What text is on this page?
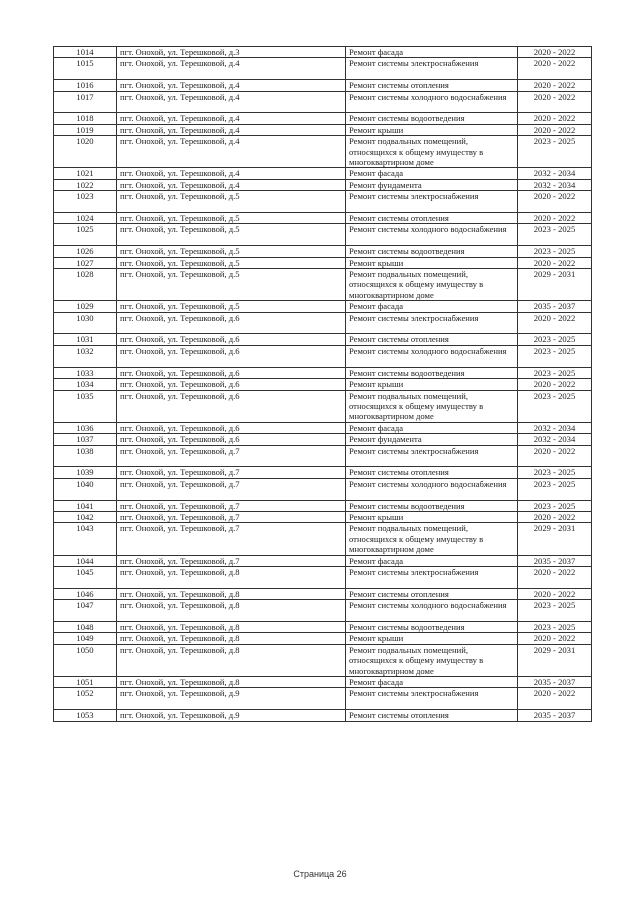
1014	пгт. Онохой, ул. Терешковой, д.3	Ремонт фасада	2020 - 2022
1015	пгт. Онохой, ул. Терешковой, д.4	Ремонт системы электроснабжения	2020 - 2022
1016	пгт. Онохой, ул. Терешковой, д.4	Ремонт системы отопления	2020 - 2022
1017	пгт. Онохой, ул. Терешковой, д.4	Ремонт системы холодного водоснабжения	2020 - 2022
1018	пгт. Онохой, ул. Терешковой, д.4	Ремонт системы водоотведения	2020 - 2022
1019	пгт. Онохой, ул. Терешковой, д.4	Ремонт крыши	2020 - 2022
1020	пгт. Онохой, ул. Терешковой, д.4	Ремонт подвальных помещений, относящихся к общему имуществу в многоквартирном доме	2023 - 2025
1021	пгт. Онохой, ул. Терешковой, д.4	Ремонт фасада	2032 - 2034
1022	пгт. Онохой, ул. Терешковой, д.4	Ремонт фундамента	2032 - 2034
1023	пгт. Онохой, ул. Терешковой, д.5	Ремонт системы электроснабжения	2020 - 2022
1024	пгт. Онохой, ул. Терешковой, д.5	Ремонт системы отопления	2020 - 2022
1025	пгт. Онохой, ул. Терешковой, д.5	Ремонт системы холодного водоснабжения	2023 - 2025
1026	пгт. Онохой, ул. Терешковой, д.5	Ремонт системы водоотведения	2023 - 2025
1027	пгт. Онохой, ул. Терешковой, д.5	Ремонт крыши	2020 - 2022
1028	пгт. Онохой, ул. Терешковой, д.5	Ремонт подвальных помещений, относящихся к общему имуществу в многоквартирном доме	2029 - 2031
1029	пгт. Онохой, ул. Терешковой, д.5	Ремонт фасада	2035 - 2037
1030	пгт. Онохой, ул. Терешковой, д.6	Ремонт системы электроснабжения	2020 - 2022
1031	пгт. Онохой, ул. Терешковой, д.6	Ремонт системы отопления	2023 - 2025
1032	пгт. Онохой, ул. Терешковой, д.6	Ремонт системы холодного водоснабжения	2023 - 2025
1033	пгт. Онохой, ул. Терешковой, д.6	Ремонт системы водоотведения	2023 - 2025
1034	пгт. Онохой, ул. Терешковой, д.6	Ремонт крыши	2020 - 2022
1035	пгт. Онохой, ул. Терешковой, д.6	Ремонт подвальных помещений, относящихся к общему имуществу в многоквартирном доме	2023 - 2025
1036	пгт. Онохой, ул. Терешковой, д.6	Ремонт фасада	2032 - 2034
1037	пгт. Онохой, ул. Терешковой, д.6	Ремонт фундамента	2032 - 2034
1038	пгт. Онохой, ул. Терешковой, д.7	Ремонт системы электроснабжения	2020 - 2022
1039	пгт. Онохой, ул. Терешковой, д.7	Ремонт системы отопления	2023 - 2025
1040	пгт. Онохой, ул. Терешковой, д.7	Ремонт системы холодного водоснабжения	2023 - 2025
1041	пгт. Онохой, ул. Терешковой, д.7	Ремонт системы водоотведения	2023 - 2025
1042	пгт. Онохой, ул. Терешковой, д.7	Ремонт крыши	2020 - 2022
1043	пгт. Онохой, ул. Терешковой, д.7	Ремонт подвальных помещений, относящихся к общему имуществу в многоквартирном доме	2029 - 2031
1044	пгт. Онохой, ул. Терешковой, д.7	Ремонт фасада	2035 - 2037
1045	пгт. Онохой, ул. Терешковой, д.8	Ремонт системы электроснабжения	2020 - 2022
1046	пгт. Онохой, ул. Терешковой, д.8	Ремонт системы отопления	2020 - 2022
1047	пгт. Онохой, ул. Терешковой, д.8	Ремонт системы холодного водоснабжения	2023 - 2025
1048	пгт. Онохой, ул. Терешковой, д.8	Ремонт системы водоотведения	2023 - 2025
1049	пгт. Онохой, ул. Терешковой, д.8	Ремонт крыши	2020 - 2022
1050	пгт. Онохой, ул. Терешковой, д.8	Ремонт подвальных помещений, относящихся к общему имуществу в многоквартирном доме	2029 - 2031
1051	пгт. Онохой, ул. Терешковой, д.8	Ремонт фасада	2035 - 2037
1052	пгт. Онохой, ул. Терешковой, д.9	Ремонт системы электроснабжения	2020 - 2022
1053	пгт. Онохой, ул. Терешковой, д.9	Ремонт системы отопления	2035 - 2037
Страница 26
